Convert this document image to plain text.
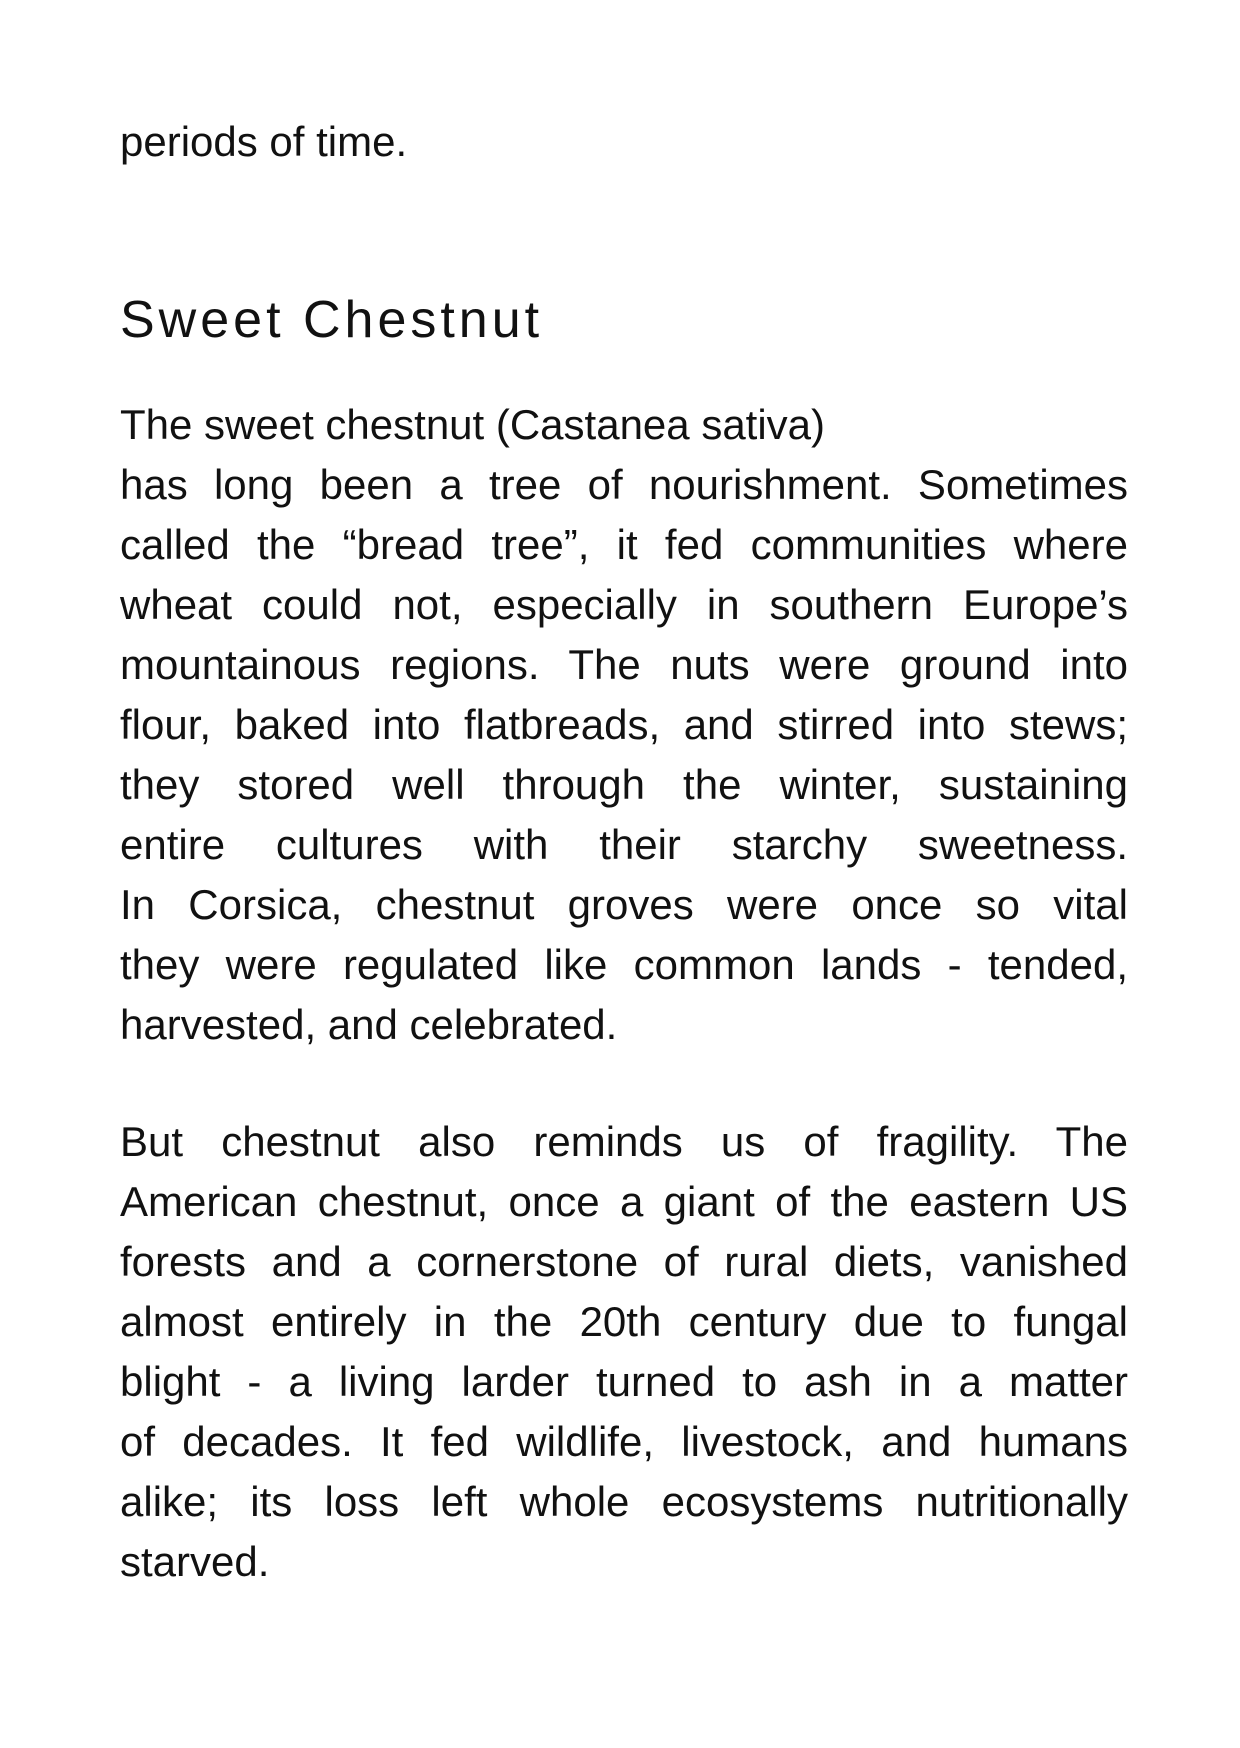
periods of time.
Sweet Chestnut
The sweet chestnut (Castanea sativa)
has long been a tree of nourishment. Sometimes
called the “bread tree”, it fed communities where
wheat could not, especially in southern Europe’s
mountainous regions. The nuts were ground into
flour, baked into flatbreads, and stirred into stews;
they stored well through the winter, sustaining
entire cultures with their starchy sweetness.
In Corsica, chestnut groves were once so vital
they were regulated like common lands - tended,
harvested, and celebrated.
But chestnut also reminds us of fragility. The
American chestnut, once a giant of the eastern US
forests and a cornerstone of rural diets, vanished
almost entirely in the 20th century due to fungal
blight - a living larder turned to ash in a matter
of decades. It fed wildlife, livestock, and humans
alike; its loss left whole ecosystems nutritionally
starved.
